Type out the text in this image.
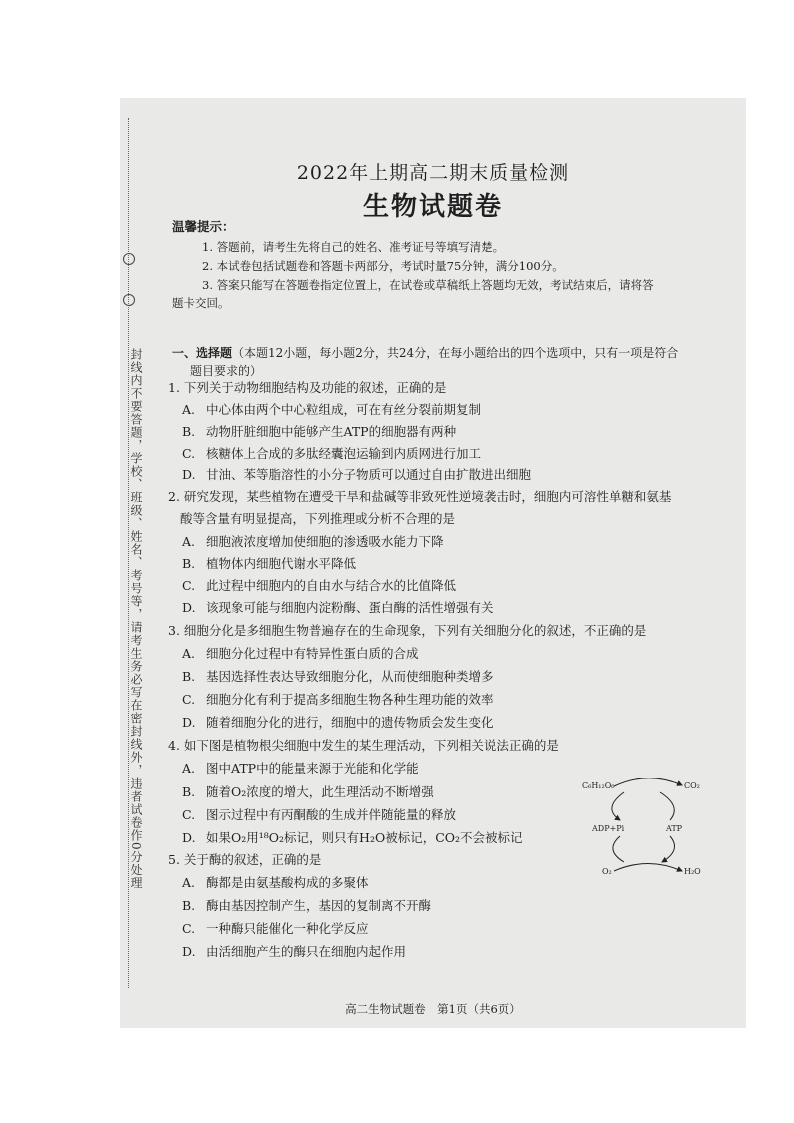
封线内不要答题，学校、班级、姓名、考号等，请考生务必写在密封线外，违者试卷作0分处理
2022年上期高二期末质量检测
生物试题卷
温馨提示：
1. 答题前，请考生先将自己的姓名、准考证号等填写清楚。
2. 本试卷包括试题卷和答题卡两部分，考试时量75分钟，满分100分。
3. 答案只能写在答题卷指定位置上，在试卷或草稿纸上答题均无效，考试结束后，请将答
题卡交回。
一、选择题（本题12小题，每小题2分，共24分，在每小题给出的四个选项中，只有一项是符合
题目要求的）
1. 下列关于动物细胞结构及功能的叙述，正确的是
A. 中心体由两个中心粒组成，可在有丝分裂前期复制
B. 动物肝脏细胞中能够产生ATP的细胞器有两种
C. 核糖体上合成的多肽经囊泡运输到内质网进行加工
D. 甘油、苯等脂溶性的小分子物质可以通过自由扩散进出细胞
2. 研究发现，某些植物在遭受干旱和盐碱等非致死性逆境袭击时，细胞内可溶性单糖和氨基
酸等含量有明显提高，下列推理或分析不合理的是
A. 细胞液浓度增加使细胞的渗透吸水能力下降
B. 植物体内细胞代谢水平降低
C. 此过程中细胞内的自由水与结合水的比值降低
D. 该现象可能与细胞内淀粉酶、蛋白酶的活性增强有关
3. 细胞分化是多细胞生物普遍存在的生命现象，下列有关细胞分化的叙述，不正确的是
A. 细胞分化过程中有特异性蛋白质的合成
B. 基因选择性表达导致细胞分化，从而使细胞种类增多
C. 细胞分化有利于提高多细胞生物各种生理功能的效率
D. 随着细胞分化的进行，细胞中的遗传物质会发生变化
4. 如下图是植物根尖细胞中发生的某生理活动，下列相关说法正确的是
A. 图中ATP中的能量来源于光能和化学能
B. 随着O₂浓度的增大，此生理活动不断增强
C. 图示过程中有丙酮酸的生成并伴随能量的释放
D. 如果O₂用¹⁸O₂标记，则只有H₂O被标记，CO₂不会被标记
5. 关于酶的叙述，正确的是
A. 酶都是由氨基酸构成的多聚体
B. 酶由基因控制产生，基因的复制离不开酶
C. 一种酶只能催化一种化学反应
D. 由活细胞产生的酶只在细胞内起作用
C₆H₁₂O₆	CO₂
ADP+Pi	ATP
O₂	H₂O
高二生物试题卷　第1页（共6页）
